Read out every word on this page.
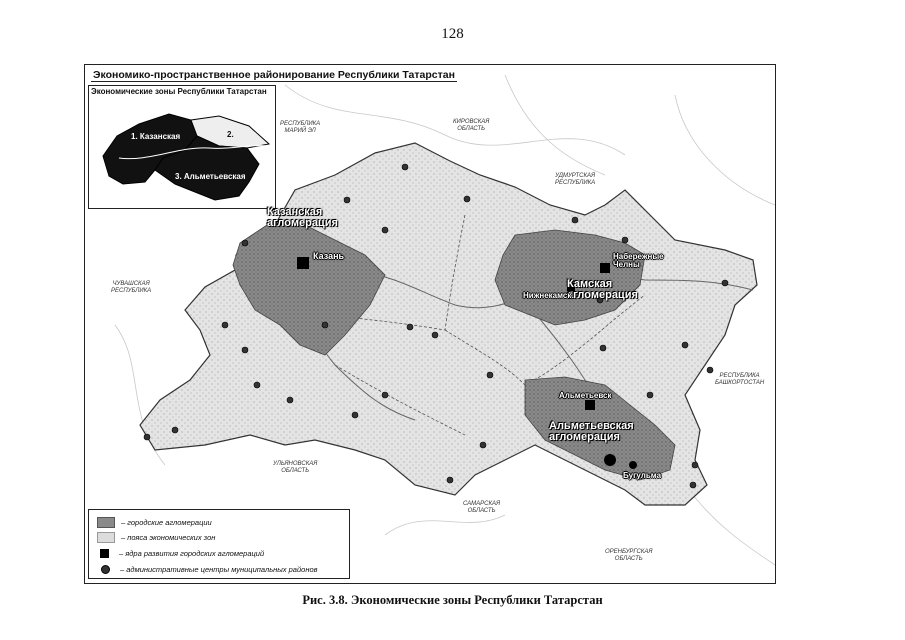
128
Экономико-пространственное районирование Республики Татарстан
Экономические зоны Республики Татарстан
1. Казанская	2.
3. Альметьевская
РЕСПУБЛИКА
МАРИЙ ЭЛ
КИРОВСКАЯ
ОБЛАСТЬ
УДМУРТСКАЯ
РЕСПУБЛИКА
ЧУВАШСКАЯ
РЕСПУБЛИКА
УЛЬЯНОВСКАЯ
ОБЛАСТЬ
САМАРСКАЯ
ОБЛАСТЬ
ОРЕНБУРГСКАЯ
ОБЛАСТЬ
РЕСПУБЛИКА
БАШКОРТОСТАН
Казанская
агломерация
Камская
агломерация
Альметьевская
агломерация
Казань	Набережные
Челны
Нижнекамск
Альметьевск
Бугульма
– городские агломерации
– пояса экономических зон
– ядра развития городских агломераций
– административные центры муниципальных районов
Рис. 3.8. Экономические зоны Республики Татарстан
